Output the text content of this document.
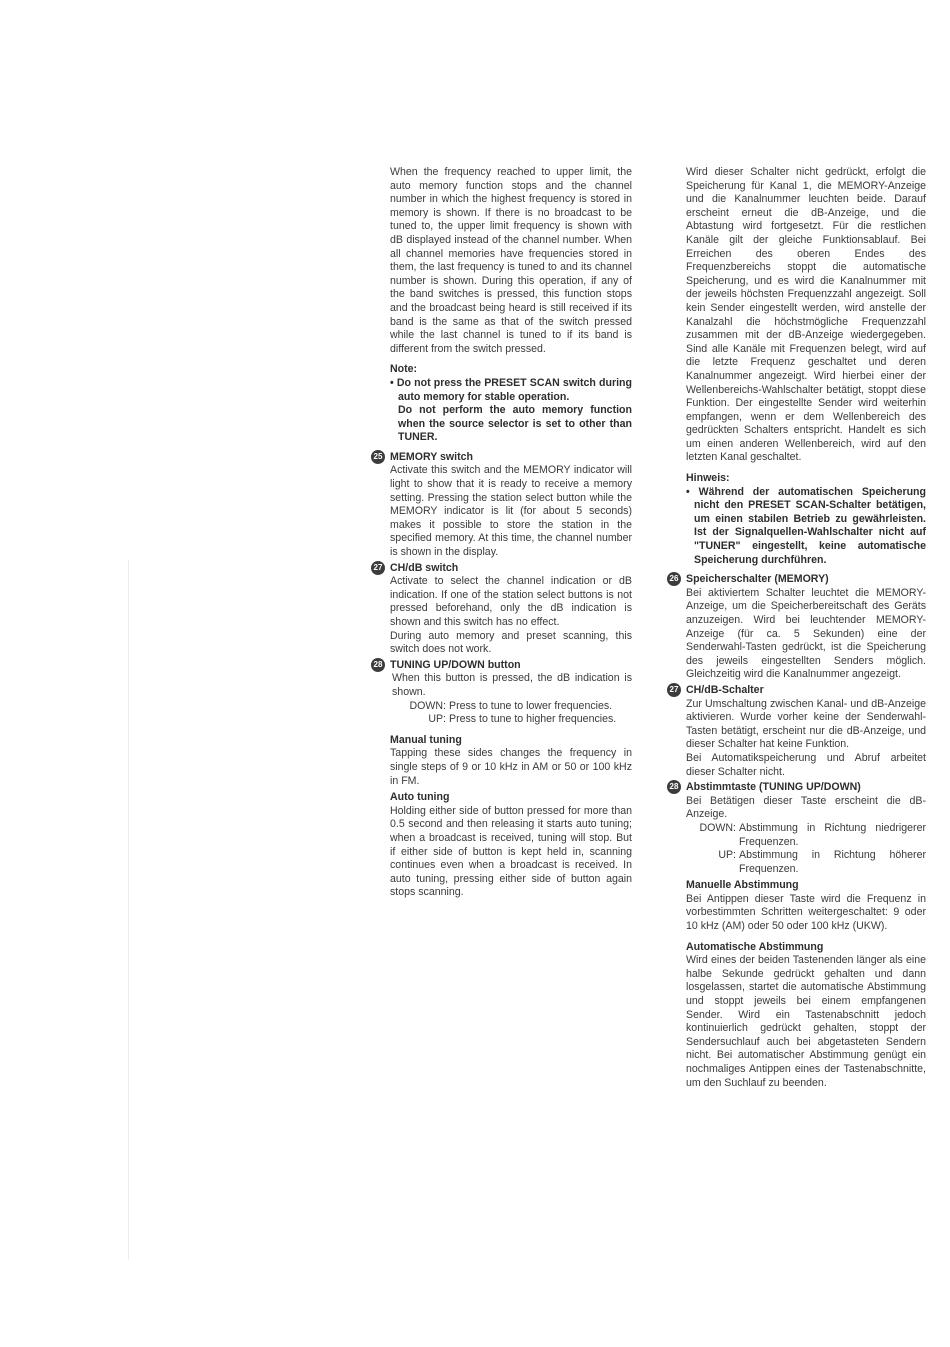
When the frequency reached to upper limit, the auto memory function stops and the channel number in which the highest frequency is stored in memory is shown. If there is no broadcast to be tuned to, the upper limit frequency is shown with dB displayed instead of the channel number. When all channel memories have frequencies stored in them, the last frequency is tuned to and its channel number is shown. During this operation, if any of the band switches is pressed, this function stops and the broadcast being heard is still received if its band is the same as that of the switch pressed while the last channel is tuned to if its band is different from the switch pressed.

Note:

• Do not press the PRESET SCAN switch during auto memory for stable operation.

Do not perform the auto memory function when the source selector is set to other than TUNER.

25 MEMORY switch

Activate this switch and the MEMORY indicator will light to show that it is ready to receive a memory setting. Pressing the station select button while the MEMORY indicator is lit (for about 5 seconds) makes it possible to store the station in the specified memory. At this time, the channel number is shown in the display.

27 CH/dB switch

Activate to select the channel indication or dB indication. If one of the station select buttons is not pressed beforehand, only the dB indication is shown and this switch has no effect.

During auto memory and preset scanning, this switch does not work.

28 TUNING UP/DOWN button

When this button is pressed, the dB indication is shown.

DOWN: Press to tune to lower frequencies.
UP: Press to tune to higher frequencies.
Manual tuning

Tapping these sides changes the frequency in single steps of 9 or 10 kHz in AM or 50 or 100 kHz in FM.

Auto tuning

Holding either side of button pressed for more than 0.5 second and then releasing it starts auto tuning; when a broadcast is received, tuning will stop. But if either side of button is kept held in, scanning continues even when a broadcast is received. In auto tuning, pressing either side of button again stops scanning.

Wird dieser Schalter nicht gedrückt, erfolgt die Speicherung für Kanal 1, die MEMORY-Anzeige und die Kanalnummer leuchten beide. Darauf erscheint erneut die dB-Anzeige, und die Abtastung wird fortgesetzt. Für die restlichen Kanäle gilt der gleiche Funktionsablauf. Bei Erreichen des oberen Endes des Frequenzbereichs stoppt die automatische Speicherung, und es wird die Kanalnummer mit der jeweils höchsten Frequenzzahl angezeigt. Soll kein Sender eingestellt werden, wird anstelle der Kanalzahl die höchstmögliche Frequenzzahl zusammen mit der dB-Anzeige wiedergegeben. Sind alle Kanäle mit Frequenzen belegt, wird auf die letzte Frequenz geschaltet und deren Kanalnummer angezeigt. Wird hierbei einer der Wellenbereichs-Wahlschalter betätigt, stoppt diese Funktion. Der eingestellte Sender wird weiterhin empfangen, wenn er dem Wellenbereich des gedrückten Schalters entspricht. Handelt es sich um einen anderen Wellenbereich, wird auf den letzten Kanal geschaltet.

Hinweis:

• Während der automatischen Speicherung nicht den PRESET SCAN-Schalter betätigen, um einen stabilen Betrieb zu gewährleisten. Ist der Signalquellen-Wahlschalter nicht auf "TUNER" eingestellt, keine automatische Speicherung durchführen.

26 Speicherschalter (MEMORY)

Bei aktiviertem Schalter leuchtet die MEMORY-Anzeige, um die Speicherbereitschaft des Geräts anzuzeigen. Wird bei leuchtender MEMORY-Anzeige (für ca. 5 Sekunden) eine der Senderwahl-Tasten gedrückt, ist die Speicherung des jeweils eingestellten Senders möglich. Gleichzeitig wird die Kanalnummer angezeigt.

27 CH/dB-Schalter

Zur Umschaltung zwischen Kanal- und dB-Anzeige aktivieren. Wurde vorher keine der Senderwahl-Tasten betätigt, erscheint nur die dB-Anzeige, und dieser Schalter hat keine Funktion.

Bei Automatikspeicherung und Abruf arbeitet dieser Schalter nicht.

28 Abstimmtaste (TUNING UP/DOWN)

Bei Betätigen dieser Taste erscheint die dB-Anzeige.

DOWN: Abstimmung in Richtung niedrigerer Frequenzen.
UP: Abstimmung in Richtung höherer Frequenzen.
Manuelle Abstimmung

Bei Antippen dieser Taste wird die Frequenz in vorbestimmten Schritten weitergeschaltet: 9 oder 10 kHz (AM) oder 50 oder 100 kHz (UKW).

Automatische Abstimmung

Wird eines der beiden Tastenenden länger als eine halbe Sekunde gedrückt gehalten und dann losgelassen, startet die automatische Abstimmung und stoppt jeweils bei einem empfangenen Sender. Wird ein Tastenabschnitt jedoch kontinuierlich gedrückt gehalten, stoppt der Sendersuchlauf auch bei abgetasteten Sendern nicht. Bei automatischer Abstimmung genügt ein nochmaliges Antippen eines der Tastenabschnitte, um den Suchlauf zu beenden.
